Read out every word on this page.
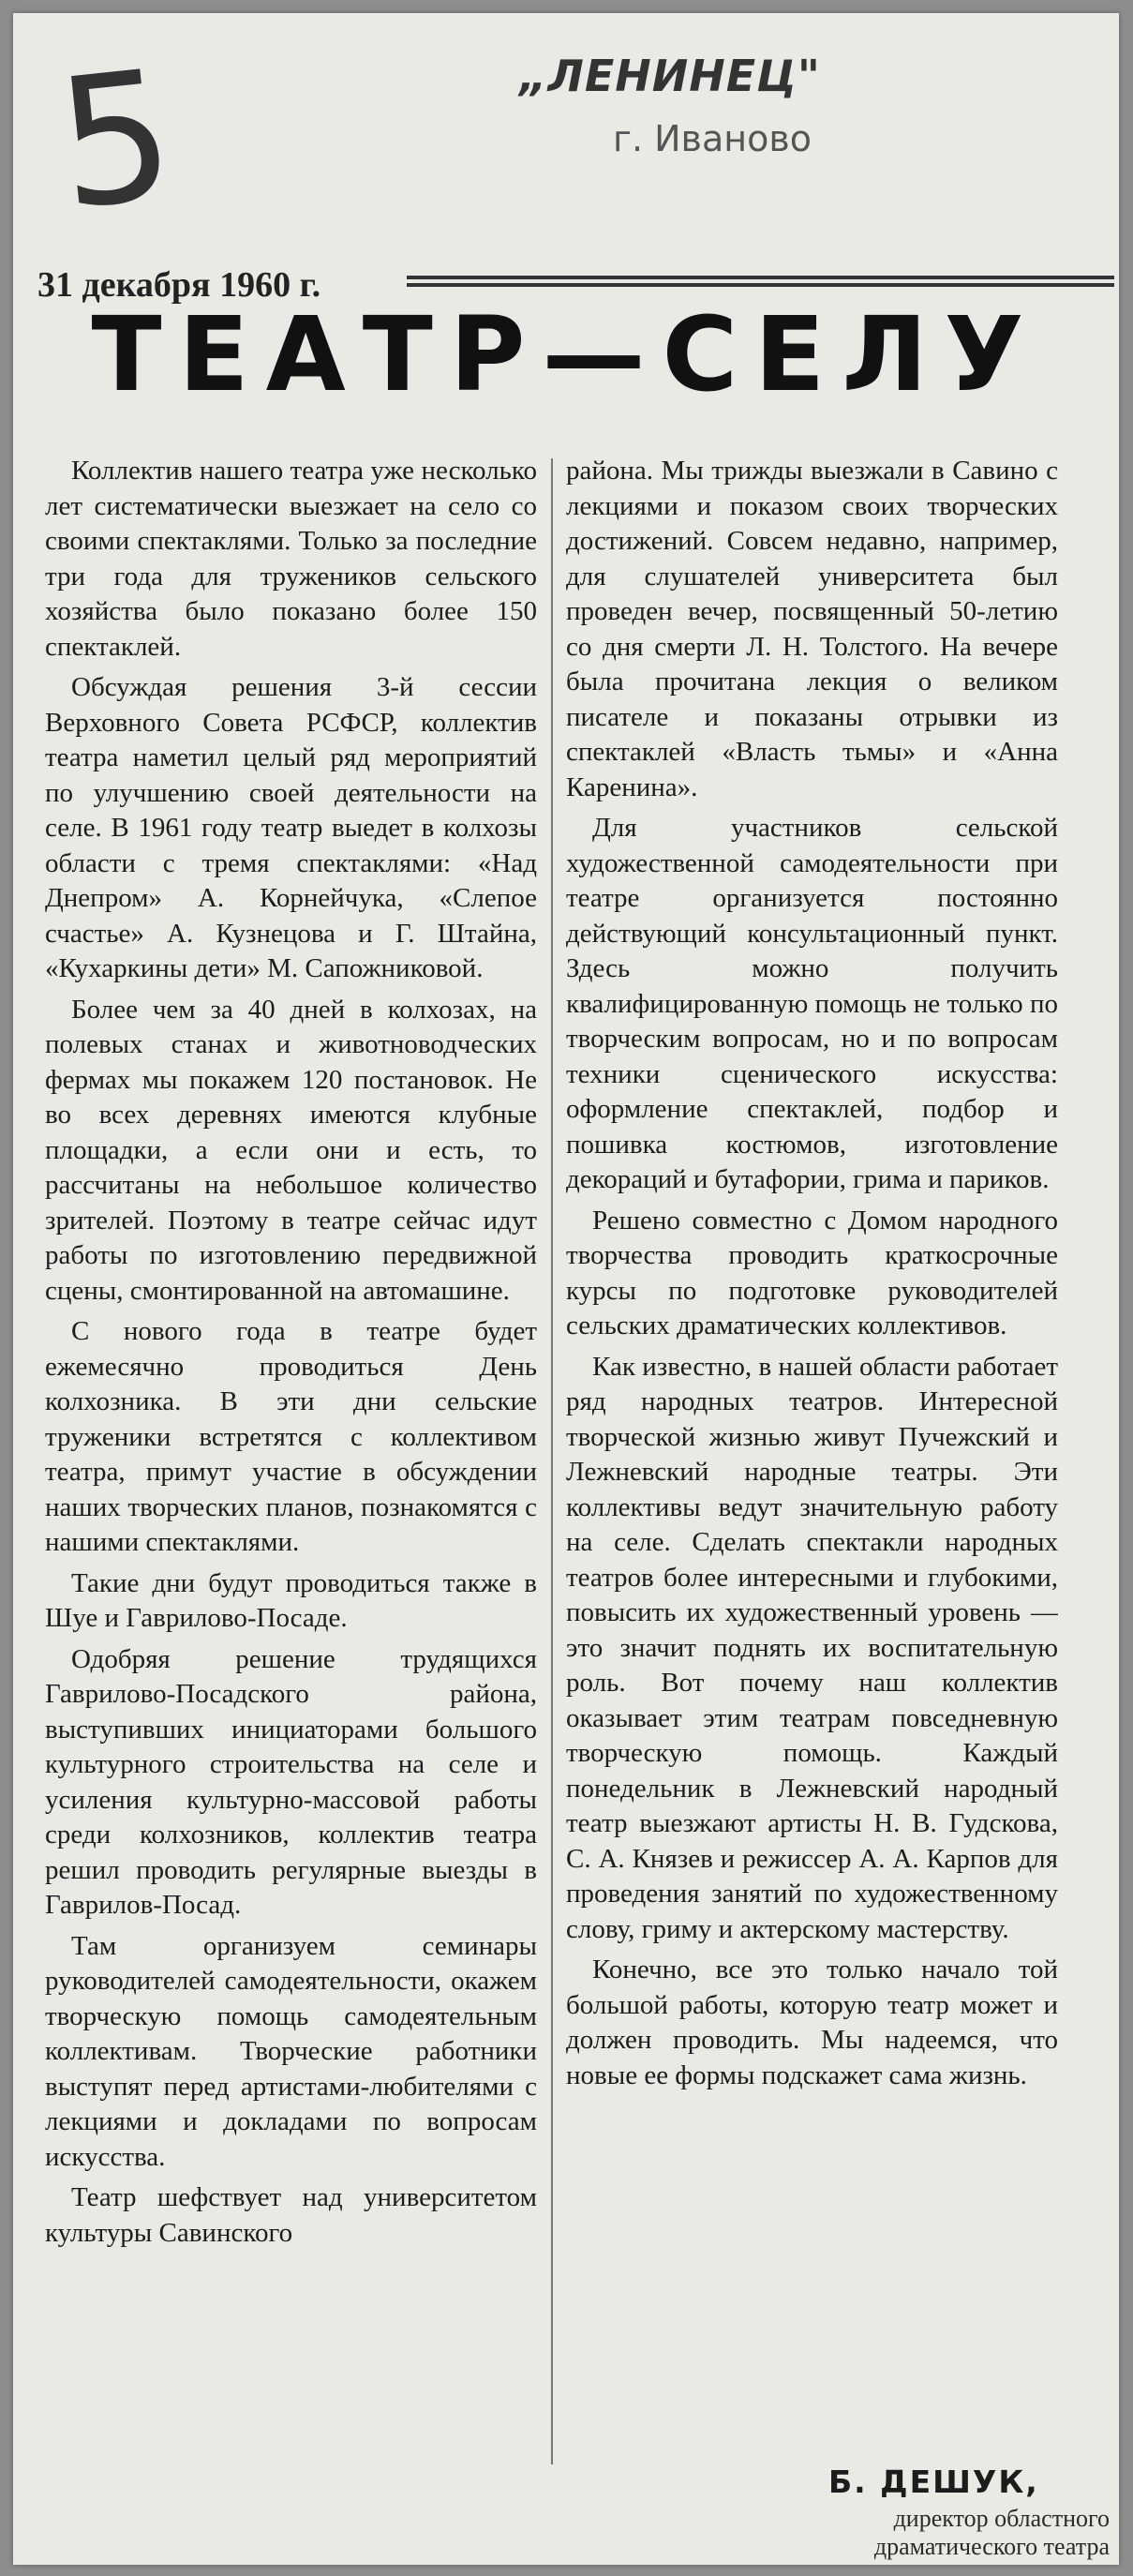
5	„ЛЕНИНЕЦ"
г. Иваново
31 декабря 1960 г.
ТЕАТР—СЕЛУ

Коллектив нашего театра уже несколько лет систематически выезжает на село со своими спектаклями. Только за последние три года для тружеников сельского хозяйства было показано более 150 спектаклей.

Обсуждая решения 3-й сессии Верховного Совета РСФСР, коллектив театра наметил целый ряд мероприятий по улучшению своей деятельности на селе. В 1961 году театр выедет в колхозы области с тремя спектаклями: «Над Днепром» А. Корнейчука, «Слепое счастье» А. Кузнецова и Г. Штайна, «Кухаркины дети» М. Сапожниковой.

Более чем за 40 дней в колхозах, на полевых станах и животноводческих фермах мы покажем 120 постановок. Не во всех деревнях имеются клубные площадки, а если они и есть, то рассчитаны на небольшое количество зрителей. Поэтому в театре сейчас идут работы по изготовлению передвижной сцены, смонтированной на автомашине.

С нового года в театре будет ежемесячно проводиться День колхозника. В эти дни сельские труженики встретятся с коллективом театра, примут участие в обсуждении наших творческих планов, познакомятся с нашими спектаклями.

Такие дни будут проводиться также в Шуе и Гаврилово-Посаде.

Одобряя решение трудящихся Гаврилово-Посадского района, выступивших инициаторами большого культурного строительства на селе и усиления культурно-массовой работы среди колхозников, коллектив театра решил проводить регулярные выезды в Гаврилов-Посад.

Там организуем семинары руководителей самодеятельности, окажем творческую помощь самодеятельным коллективам. Творческие работники выступят перед артистами-любителями с лекциями и докладами по вопросам искусства.

Театр шефствует над университетом культуры Савинского

района. Мы трижды выезжали в Савино с лекциями и показом своих творческих достижений. Совсем недавно, например, для слушателей университета был проведен вечер, посвященный 50-летию со дня смерти Л. Н. Толстого. На вечере была прочитана лекция о великом писателе и показаны отрывки из спектаклей «Власть тьмы» и «Анна Каренина».

Для участников сельской художественной самодеятельности при театре организуется постоянно действующий консультационный пункт. Здесь можно получить квалифицированную помощь не только по творческим вопросам, но и по вопросам техники сценического искусства: оформление спектаклей, подбор и пошивка костюмов, изготовление декораций и бутафории, грима и париков.

Решено совместно с Домом народного творчества проводить краткосрочные курсы по подготовке руководителей сельских драматических коллективов.

Как известно, в нашей области работает ряд народных театров. Интересной творческой жизнью живут Пучежский и Лежневский народные театры. Эти коллективы ведут значительную работу на селе. Сделать спектакли народных театров более интересными и глубокими, повысить их художественный уровень — это значит поднять их воспитательную роль. Вот почему наш коллектив оказывает этим театрам повседневную творческую помощь. Каждый понедельник в Лежневский народный театр выезжают артисты Н. В. Гудскова, С. А. Князев и режиссер А. А. Карпов для проведения занятий по художественному слову, гриму и актерскому мастерству.

Конечно, все это только начало той большой работы, которую театр может и должен проводить. Мы надеемся, что новые ее формы подскажет сама жизнь.

Б. ДЕШУК,
директор областного драматического театра
